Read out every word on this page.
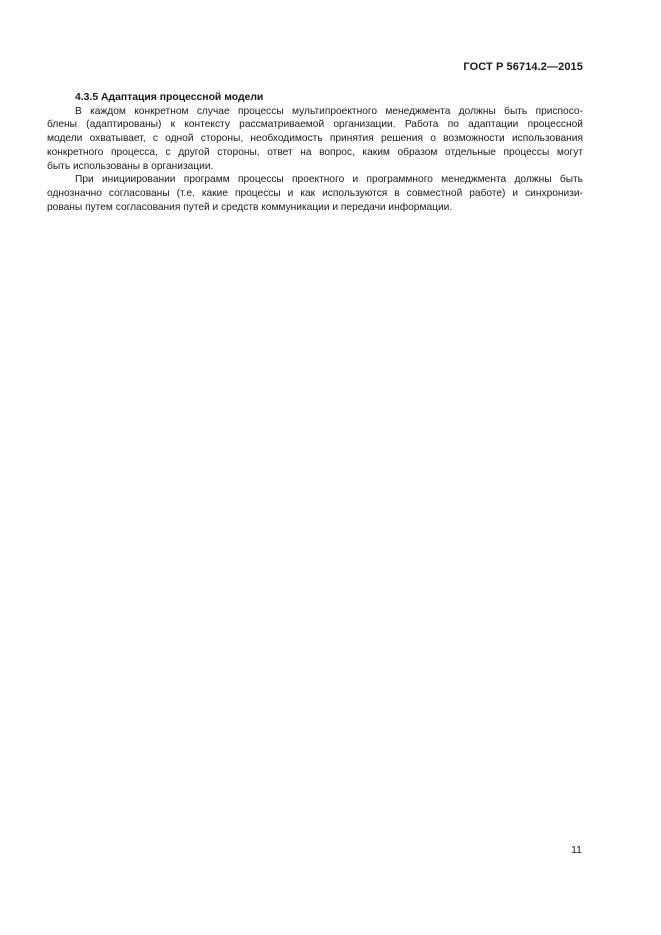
ГОСТ Р 56714.2—2015
4.3.5 Адаптация процессной модели
В каждом конкретном случае процессы мультипроектного менеджмента должны быть приспосо-
блены (адаптированы) к контексту рассматриваемой организации. Работа по адаптации процессной
модели охватывает, с одной стороны, необходимость принятия решения о возможности использования
конкретного процесса, с другой стороны, ответ на вопрос, каким образом отдельные процессы могут
быть использованы в организации.
При инициировании программ процессы проектного и программного менеджмента должны быть
однозначно согласованы (т.е. какие процессы и как используются в совместной работе) и синхронизи-
рованы путем согласования путей и средств коммуникации и передачи информации.
11
